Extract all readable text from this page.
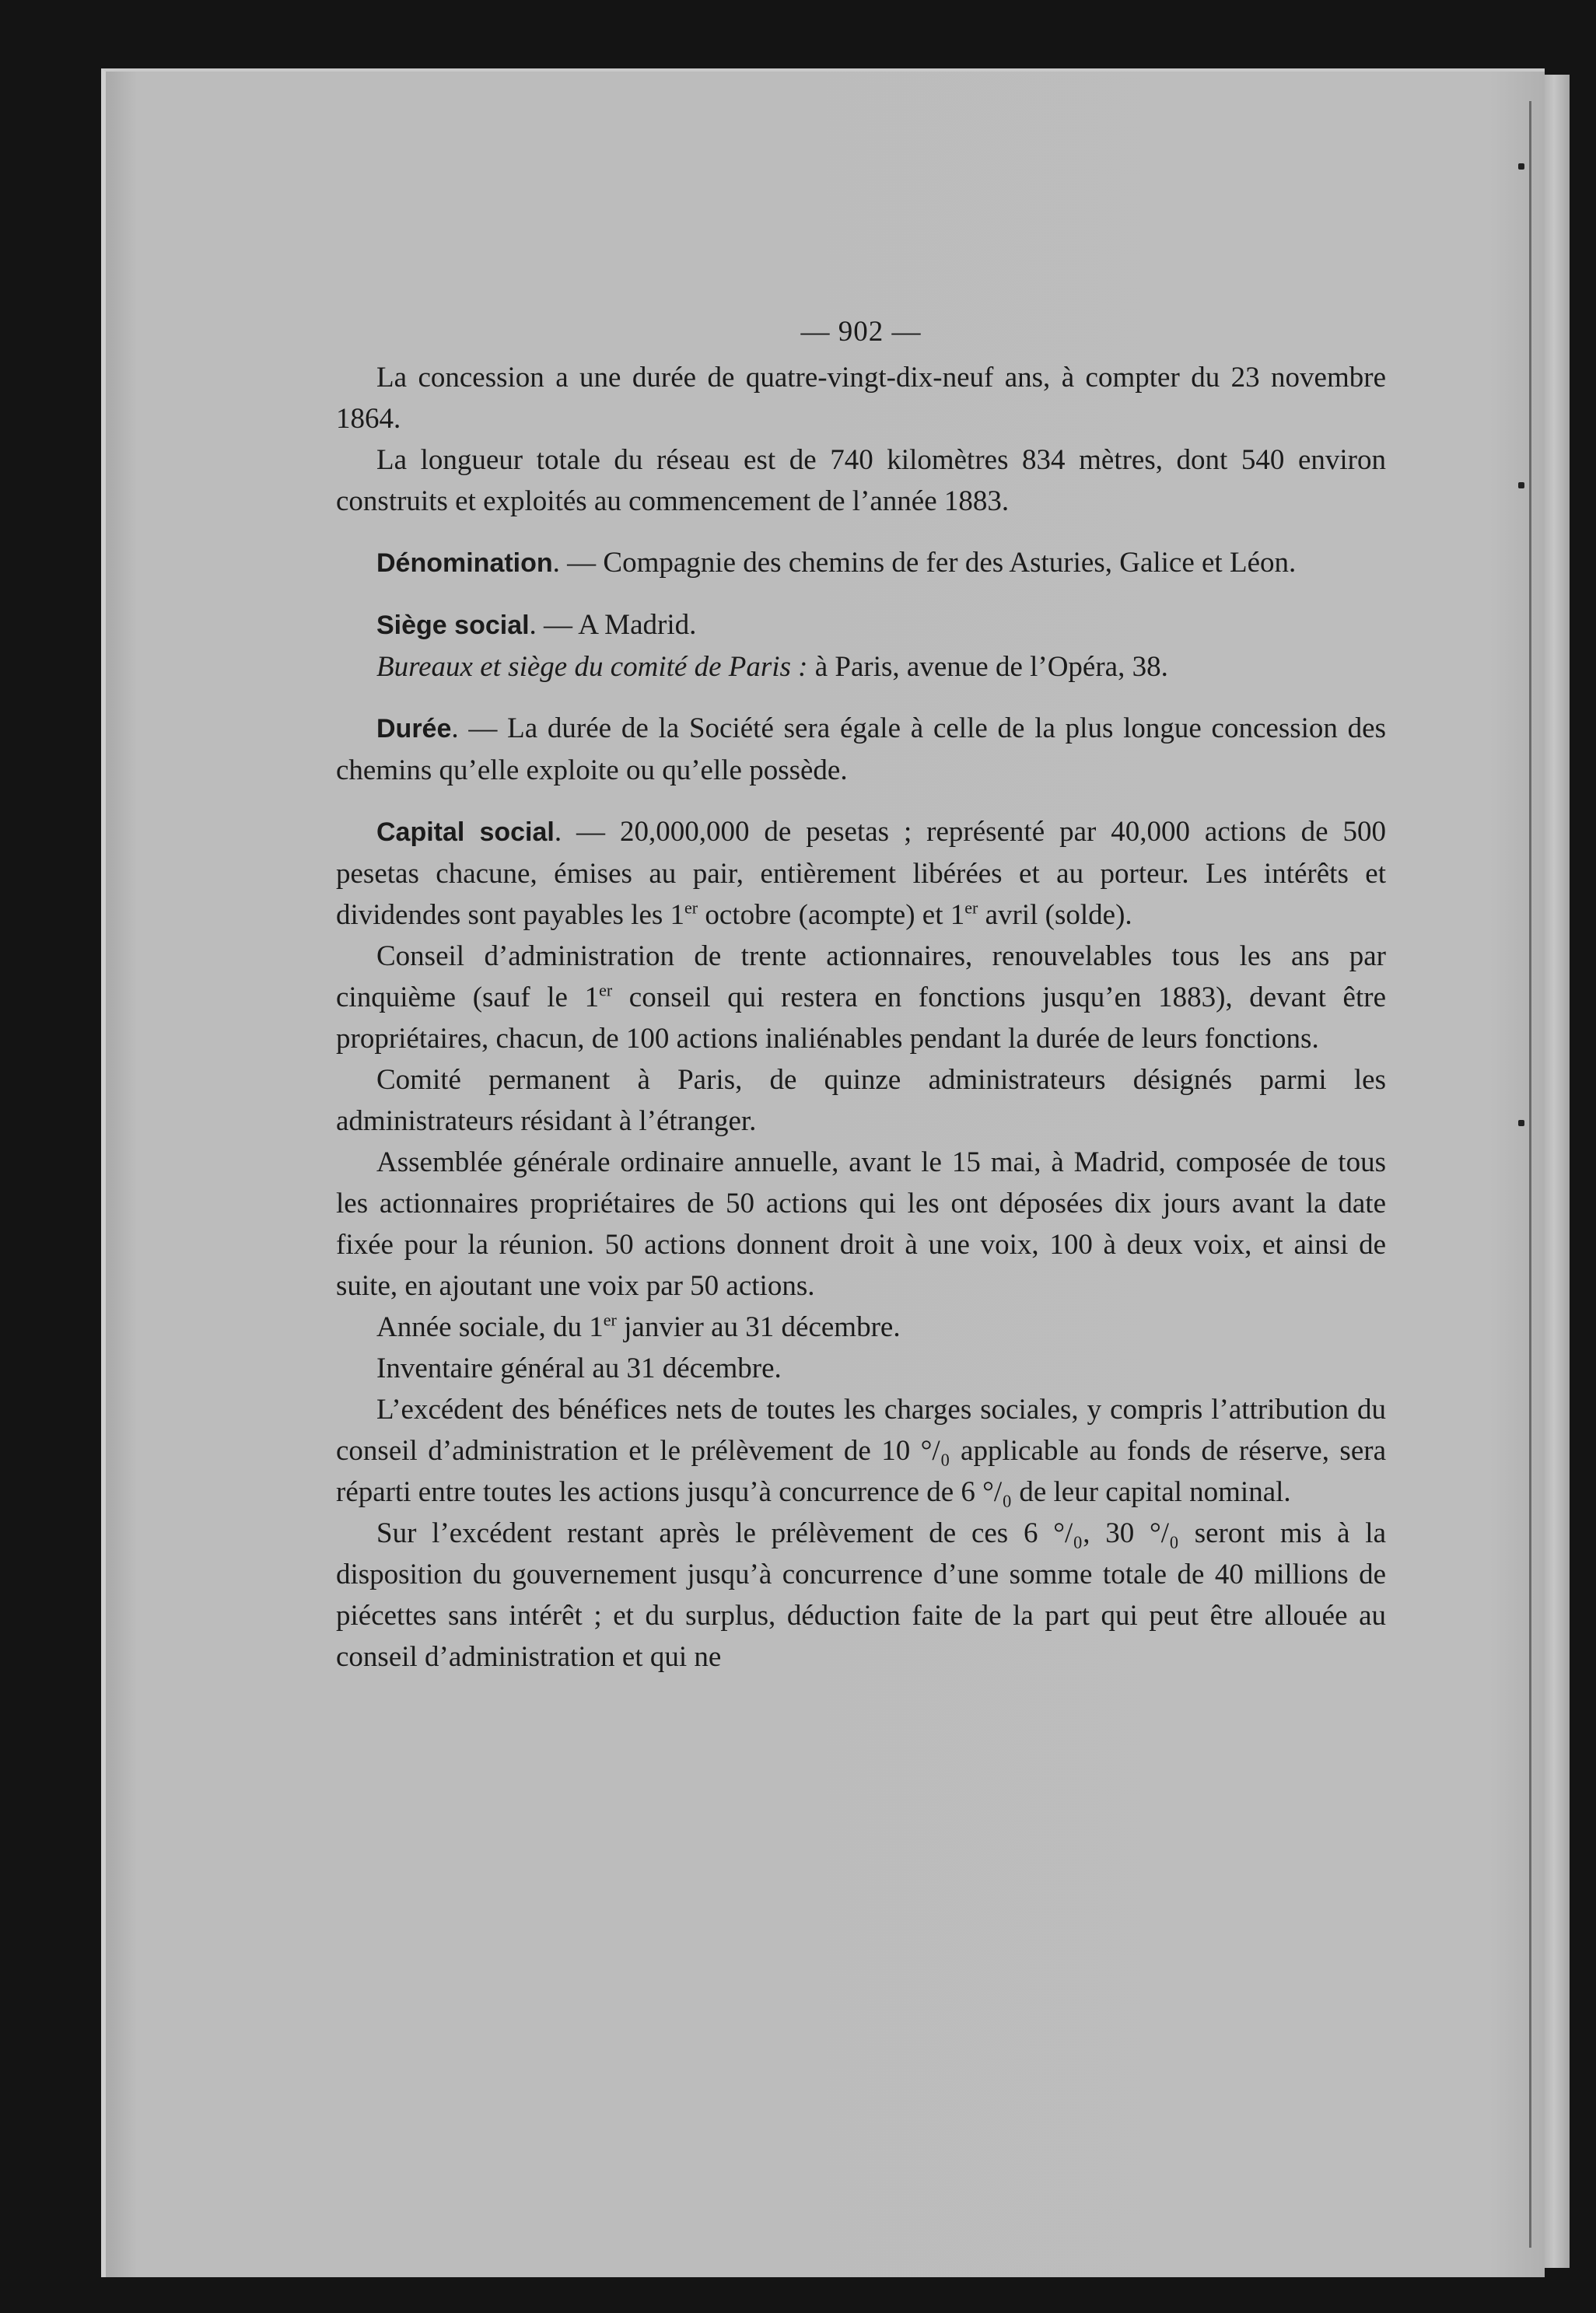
— 902 —

La concession a une durée de quatre-vingt-dix-neuf ans, à compter du 23 novembre 1864.

La longueur totale du réseau est de 740 kilomètres 834 mètres, dont 540 environ construits et exploités au commencement de l’année 1883.

Dénomination. — Compagnie des chemins de fer des Asturies, Galice et Léon.

Siège social. — A Madrid.

Bureaux et siège du comité de Paris : à Paris, avenue de l’Opéra, 38.

Durée. — La durée de la Société sera égale à celle de la plus longue concession des chemins qu’elle exploite ou qu’elle possède.

Capital social. — 20,000,000 de pesetas ; représenté par 40,000 actions de 500 pesetas chacune, émises au pair, entièrement libérées et au porteur. Les intérêts et dividendes sont payables les 1er octobre (acompte) et 1er avril (solde).

Conseil d’administration de trente actionnaires, renouvelables tous les ans par cinquième (sauf le 1er conseil qui restera en fonctions jusqu’en 1883), devant être propriétaires, chacun, de 100 actions inaliénables pendant la durée de leurs fonctions.

Comité permanent à Paris, de quinze administrateurs désignés parmi les administrateurs résidant à l’étranger.

Assemblée générale ordinaire annuelle, avant le 15 mai, à Madrid, composée de tous les actionnaires propriétaires de 50 actions qui les ont déposées dix jours avant la date fixée pour la réunion. 50 actions donnent droit à une voix, 100 à deux voix, et ainsi de suite, en ajoutant une voix par 50 actions.

Année sociale, du 1er janvier au 31 décembre.

Inventaire général au 31 décembre.

L’excédent des bénéfices nets de toutes les charges sociales, y compris l’attribution du conseil d’administration et le prélèvement de 10 °/₀ applicable au fonds de réserve, sera réparti entre toutes les actions jusqu’à concurrence de 6 °/₀ de leur capital nominal.

Sur l’excédent restant après le prélèvement de ces 6 °/₀, 30 °/₀ seront mis à la disposition du gouvernement jusqu’à concurrence d’une somme totale de 40 millions de piécettes sans intérêt ; et du surplus, déduction faite de la part qui peut être allouée au conseil d’administration et qui ne
